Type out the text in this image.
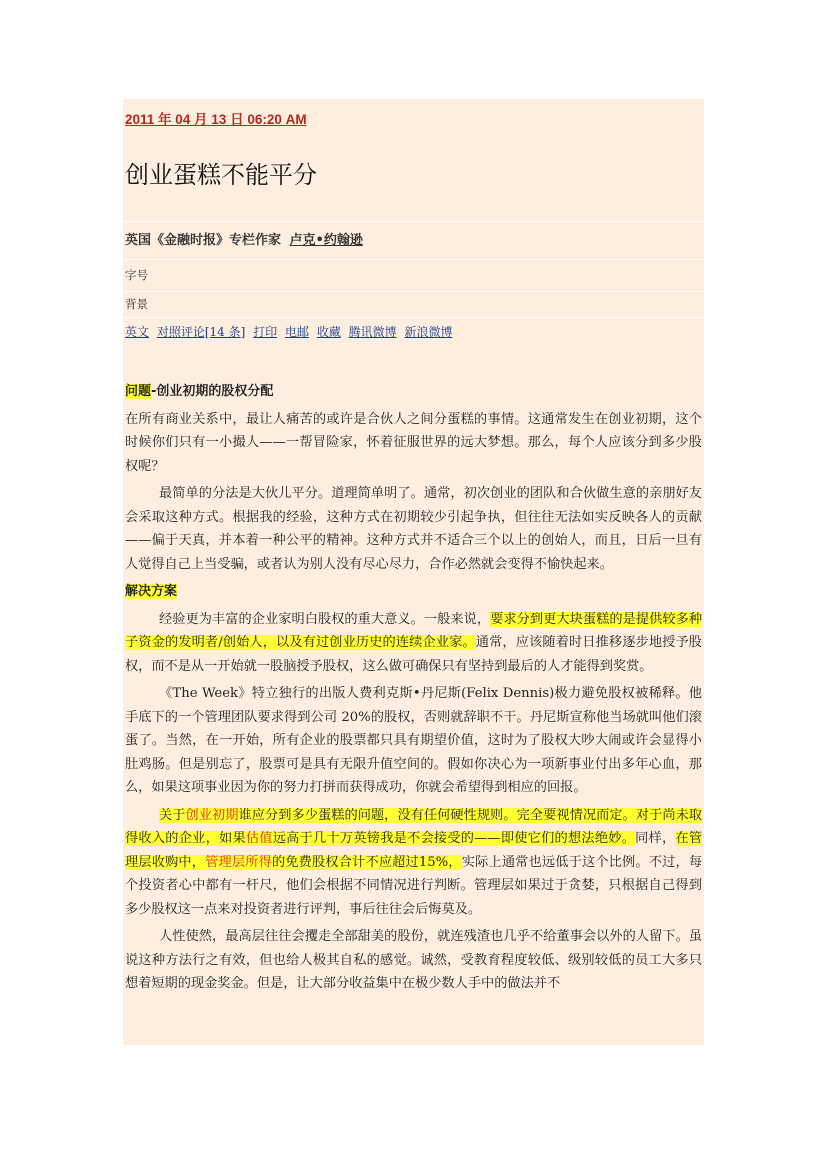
2011 年 04 月 13 日 06:20 AM
创业蛋糕不能平分
英国《金融时报》专栏作家 卢克•约翰逊
字号
背景
英文 对照评论[14 条] 打印 电邮 收藏 腾讯微博 新浪微博

问题-创业初期的股权分配

在所有商业关系中，最让人痛苦的或许是合伙人之间分蛋糕的事情。这通常发生在创业初期，这个时候你们只有一小撮人——一帮冒险家，怀着征服世界的远大梦想。那么，每个人应该分到多少股权呢？

最简单的分法是大伙儿平分。道理简单明了。通常，初次创业的团队和合伙做生意的亲朋好友会采取这种方式。根据我的经验，这种方式在初期较少引起争执，但往往无法如实反映各人的贡献——偏于天真，并本着一种公平的精神。这种方式并不适合三个以上的创始人，而且，日后一旦有人觉得自己上当受骗，或者认为别人没有尽心尽力，合作必然就会变得不愉快起来。

解决方案

经验更为丰富的企业家明白股权的重大意义。一般来说，要求分到更大块蛋糕的是提供较多种子资金的发明者/创始人，以及有过创业历史的连续企业家。通常，应该随着时日推移逐步地授予股权，而不是从一开始就一股脑授予股权，这么做可确保只有坚持到最后的人才能得到奖赏。

《The Week》特立独行的出版人费利克斯•丹尼斯(Felix Dennis)极力避免股权被稀释。他手底下的一个管理团队要求得到公司 20%的股权，否则就辞职不干。丹尼斯宣称他当场就叫他们滚蛋了。当然，在一开始，所有企业的股票都只具有期望价值，这时为了股权大吵大闹或许会显得小肚鸡肠。但是别忘了，股票可是具有无限升值空间的。假如你决心为一项新事业付出多年心血，那么，如果这项事业因为你的努力打拼而获得成功，你就会希望得到相应的回报。

关于创业初期谁应分到多少蛋糕的问题，没有任何硬性规则。完全要视情况而定。对于尚未取得收入的企业，如果估值远高于几十万英镑我是不会接受的——即使它们的想法绝妙。同样，在管理层收购中，管理层所得的免费股权合计不应超过15%，实际上通常也远低于这个比例。不过，每个投资者心中都有一杆尺，他们会根据不同情况进行判断。管理层如果过于贪婪，只根据自己得到多少股权这一点来对投资者进行评判，事后往往会后悔莫及。

人性使然，最高层往往会攫走全部甜美的股份，就连残渣也几乎不给董事会以外的人留下。虽说这种方法行之有效，但也给人极其自私的感觉。诚然，受教育程度较低、级别较低的员工大多只想着短期的现金奖金。但是，让大部分收益集中在极少数人手中的做法并不
